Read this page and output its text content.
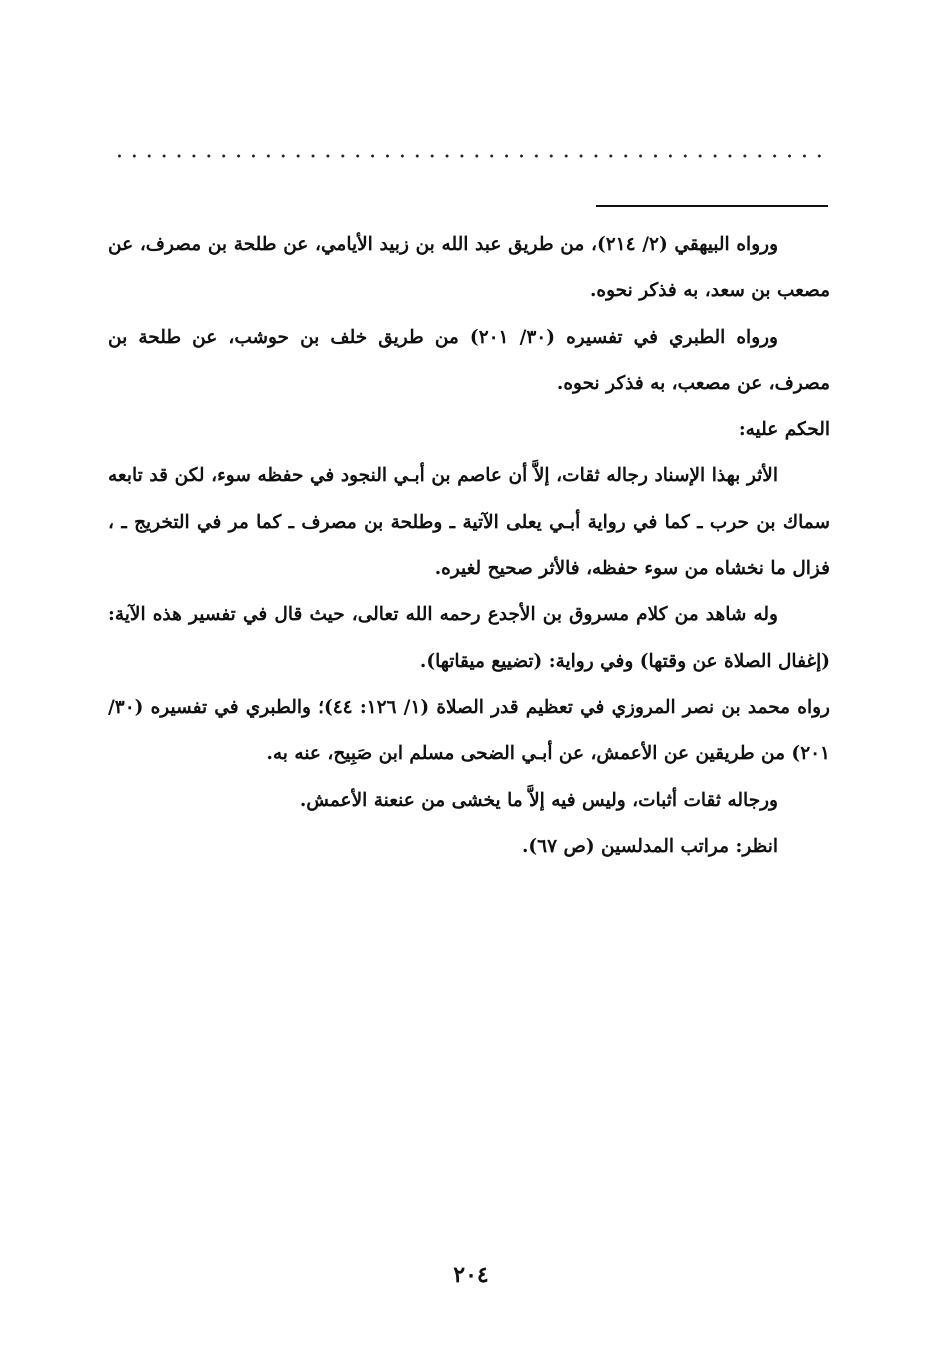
ورواه البيهقي (٢/ ٢١٤)، من طريق عبد الله بن زبيد الأيامي، عن طلحة بن مصرف، عن مصعب بن سعد، به فذكر نحوه.

ورواه الطبري في تفسيره (٣٠/ ٢٠١) من طريق خلف بن حوشب، عن طلحة بن مصرف، عن مصعب، به فذكر نحوه.

الحكم عليه:

الأثر بهذا الإسناد رجاله ثقات، إلاَّ أن عاصم بن أبـي النجود في حفظه سوء، لكن قد تابعه سماك بن حرب ـ كما في رواية أبـي يعلى الآتية ـ وطلحة بن مصرف ـ كما مر في التخريج ـ ، فزال ما نخشاه من سوء حفظه، فالأثر صحيح لغيره.

وله شاهد من كلام مسروق بن الأجدع رحمه الله تعالى، حيث قال في تفسير هذه الآية: (إغفال الصلاة عن وقتها) وفي رواية: (تضييع ميقاتها).

رواه محمد بن نصر المروزي في تعظيم قدر الصلاة (١/ ١٢٦: ٤٤)؛ والطبري في تفسيره (٣٠/ ٢٠١) من طريقين عن الأعمش، عن أبـي الضحى مسلم ابن صَبِيح، عنه به.

ورجاله ثقات أثبات، وليس فيه إلاَّ ما يخشى من عنعنة الأعمش.

انظر: مراتب المدلسين (ص ٦٧).

٢٠٤
